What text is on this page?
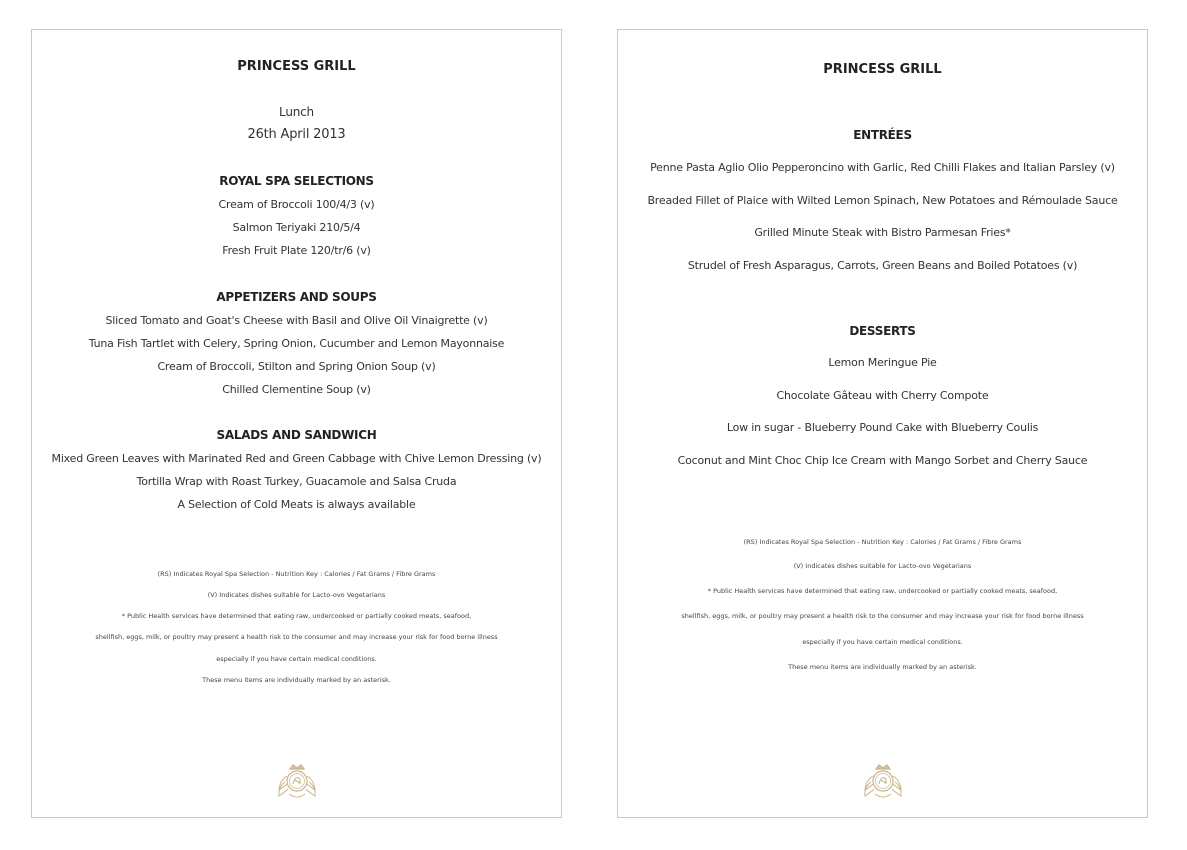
PRINCESS GRILL
Lunch
26th April 2013
ROYAL SPA SELECTIONS
Cream of Broccoli 100/4/3 (v)
Salmon Teriyaki 210/5/4
Fresh Fruit Plate 120/tr/6 (v)
APPETIZERS AND SOUPS
Sliced Tomato and Goat's Cheese with Basil and Olive Oil Vinaigrette (v)
Tuna Fish Tartlet with Celery, Spring Onion, Cucumber and Lemon Mayonnaise
Cream of Broccoli, Stilton and Spring Onion Soup (v)
Chilled Clementine Soup (v)
SALADS AND SANDWICH
Mixed Green Leaves with Marinated Red and Green Cabbage with Chive Lemon Dressing (v)
Tortilla Wrap with Roast Turkey, Guacamole and Salsa Cruda
A Selection of Cold Meats is always available
(RS) Indicates Royal Spa Selection - Nutrition Key : Calories / Fat Grams / Fibre Grams
(V) Indicates dishes suitable for Lacto-ovo Vegetarians
* Public Health services have determined that eating raw, undercooked or partially cooked meats, seafood,
shellfish, eggs, milk, or poultry may present a health risk to the consumer and may increase your risk for food borne illness
especially if you have certain medical conditions.
These menu items are individually marked by an asterisk.
PRINCESS GRILL
ENTRÉES
Penne Pasta Aglio Olio Pepperoncino with Garlic, Red Chilli Flakes and Italian Parsley (v)
Breaded Fillet of Plaice with Wilted Lemon Spinach, New Potatoes and Rémoulade Sauce
Grilled Minute Steak with Bistro Parmesan Fries*
Strudel of Fresh Asparagus, Carrots, Green Beans and Boiled Potatoes (v)
DESSERTS
Lemon Meringue Pie
Chocolate Gâteau with Cherry Compote
Low in sugar - Blueberry Pound Cake with Blueberry Coulis
Coconut and Mint Choc Chip Ice Cream with Mango Sorbet and Cherry Sauce
(RS) Indicates Royal Spa Selection - Nutrition Key : Calories / Fat Grams / Fibre Grams
(V) Indicates dishes suitable for Lacto-ovo Vegetarians
* Public Health services have determined that eating raw, undercooked or partially cooked meats, seafood,
shellfish, eggs, milk, or poultry may present a health risk to the consumer and may increase your risk for food borne illness
especially if you have certain medical conditions.
These menu items are individually marked by an asterisk.
